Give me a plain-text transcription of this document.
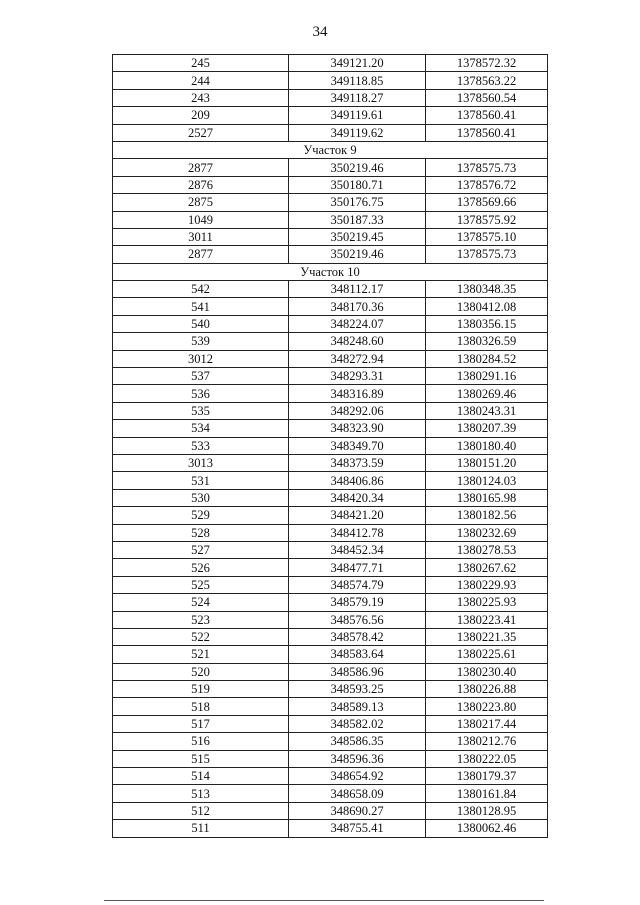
34
245	349121.20	1378572.32
244	349118.85	1378563.22
243	349118.27	1378560.54
209	349119.61	1378560.41
2527	349119.62	1378560.41
Участок 9		
2877	350219.46	1378575.73
2876	350180.71	1378576.72
2875	350176.75	1378569.66
1049	350187.33	1378575.92
3011	350219.45	1378575.10
2877	350219.46	1378575.73
Участок 10		
542	348112.17	1380348.35
541	348170.36	1380412.08
540	348224.07	1380356.15
539	348248.60	1380326.59
3012	348272.94	1380284.52
537	348293.31	1380291.16
536	348316.89	1380269.46
535	348292.06	1380243.31
534	348323.90	1380207.39
533	348349.70	1380180.40
3013	348373.59	1380151.20
531	348406.86	1380124.03
530	348420.34	1380165.98
529	348421.20	1380182.56
528	348412.78	1380232.69
527	348452.34	1380278.53
526	348477.71	1380267.62
525	348574.79	1380229.93
524	348579.19	1380225.93
523	348576.56	1380223.41
522	348578.42	1380221.35
521	348583.64	1380225.61
520	348586.96	1380230.40
519	348593.25	1380226.88
518	348589.13	1380223.80
517	348582.02	1380217.44
516	348586.35	1380212.76
515	348596.36	1380222.05
514	348654.92	1380179.37
513	348658.09	1380161.84
512	348690.27	1380128.95
511	348755.41	1380062.46
